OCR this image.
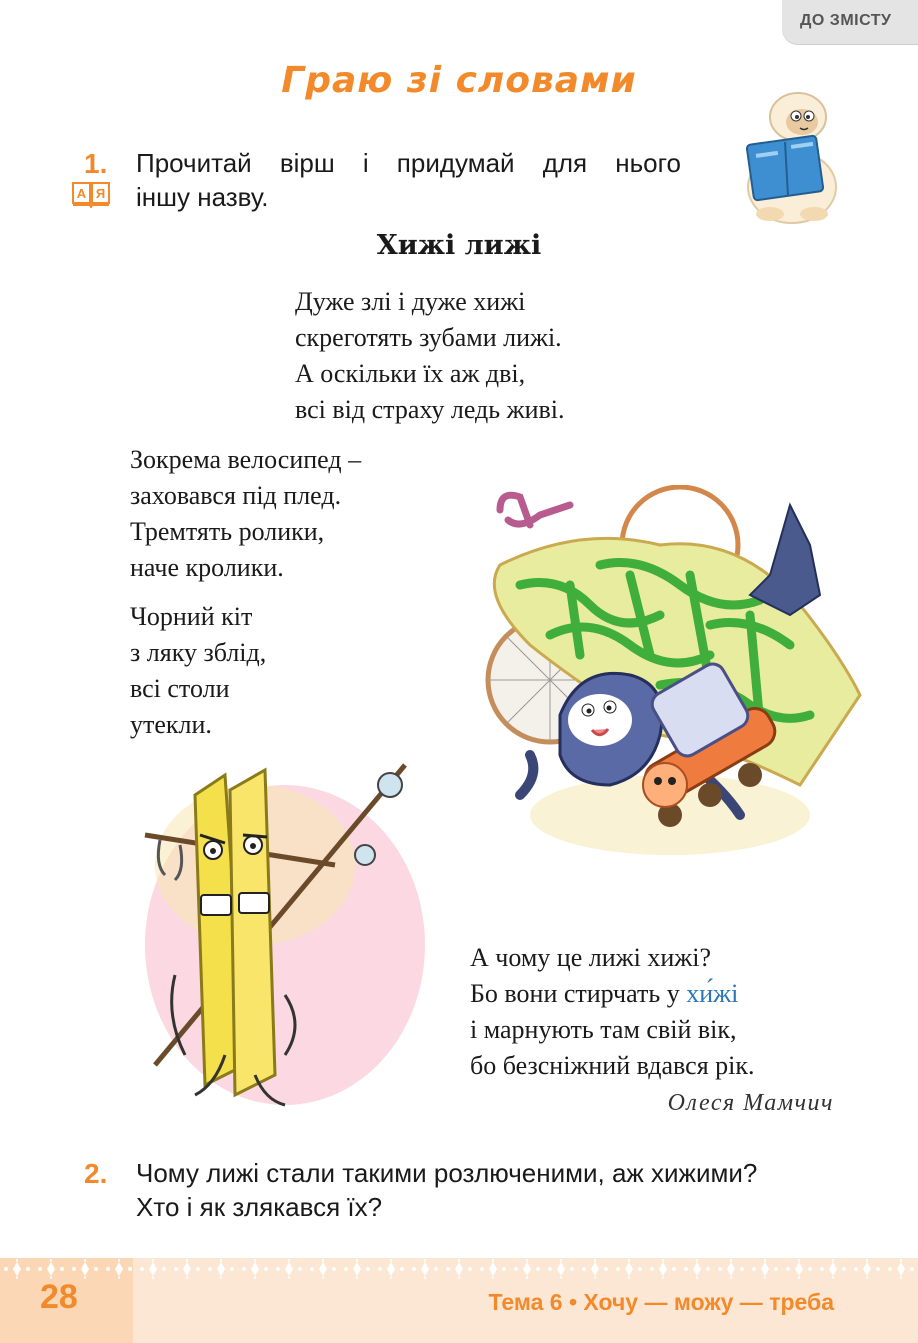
ДО ЗМІСТУ
Граю зі словами
1.
А Я
Прочитай вірш і придумай для нього
іншу назву.
Хижі лижі
Дуже злі і дуже хижі
скреготять зубами лижі.
А оскільки їх аж дві,
всі від страху ледь живі.
Зокрема велосипед –
заховався під плед.
Тремтять ролики,
наче кролики.
Чорний кіт
з ляку зблід,
всі столи
утекли.
А чому це лижі хижі?
Бо вони стирчать у хи́жі
і марнують там свій вік,
бо безсніжний вдався рік.
Олеся Мамчич
2. Чому лижі стали такими розлюченими, аж хижими?
Хто і як злякався їх?
28	Тема 6 • Хочу — можу — треба
